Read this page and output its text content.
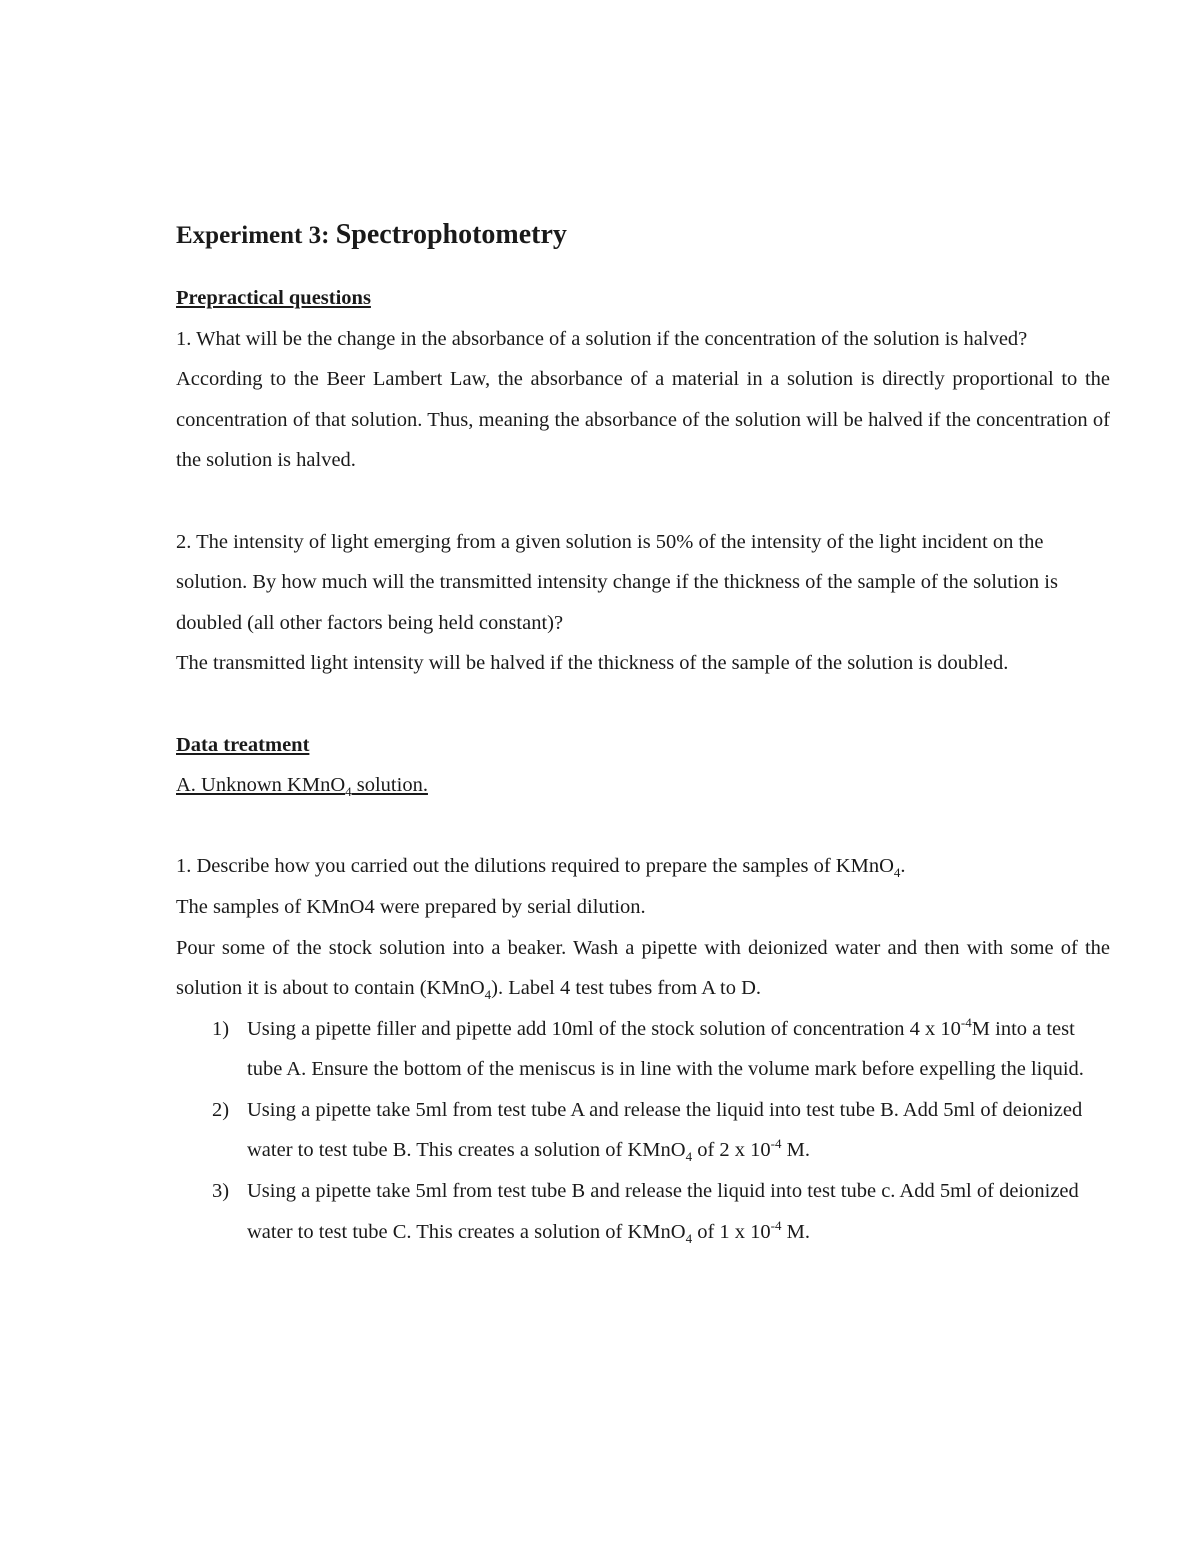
Experiment 3: Spectrophotometry

Prepractical questions

1. What will be the change in the absorbance of a solution if the concentration of the solution is halved?

According to the Beer Lambert Law, the absorbance of a material in a solution is directly proportional to the concentration of that solution. Thus, meaning the absorbance of the solution will be halved if the concentration of the solution is halved.

2. The intensity of light emerging from a given solution is 50% of the intensity of the light incident on the solution. By how much will the transmitted intensity change if the thickness of the sample of the solution is doubled (all other factors being held constant)?

The transmitted light intensity will be halved if the thickness of the sample of the solution is doubled.

Data treatment

A. Unknown KMnO$_4$ solution.

1. Describe how you carried out the dilutions required to prepare the samples of KMnO$_4$.

The samples of KMnO4 were prepared by serial dilution.

Pour some of the stock solution into a beaker. Wash a pipette with deionized water and then with some of the solution it is about to contain (KMnO$_4$). Label 4 test tubes from A to D.

1) Using a pipette filler and pipette add 10ml of the stock solution of concentration 4 x $10^{-4}M$ into a test tube A. Ensure the bottom of the meniscus is in line with the volume mark before expelling the liquid.
2) Using a pipette take 5ml from test tube A and release the liquid into test tube B. Add 5ml of deionized water to test tube B. This creates a solution of KMnO$_4$ of 2 x $10^{-4}$ M.
3) Using a pipette take 5ml from test tube B and release the liquid into test tube c. Add 5ml of deionized water to test tube C. This creates a solution of KMnO$_4$ of 1 x $10^{-4}$ M.
